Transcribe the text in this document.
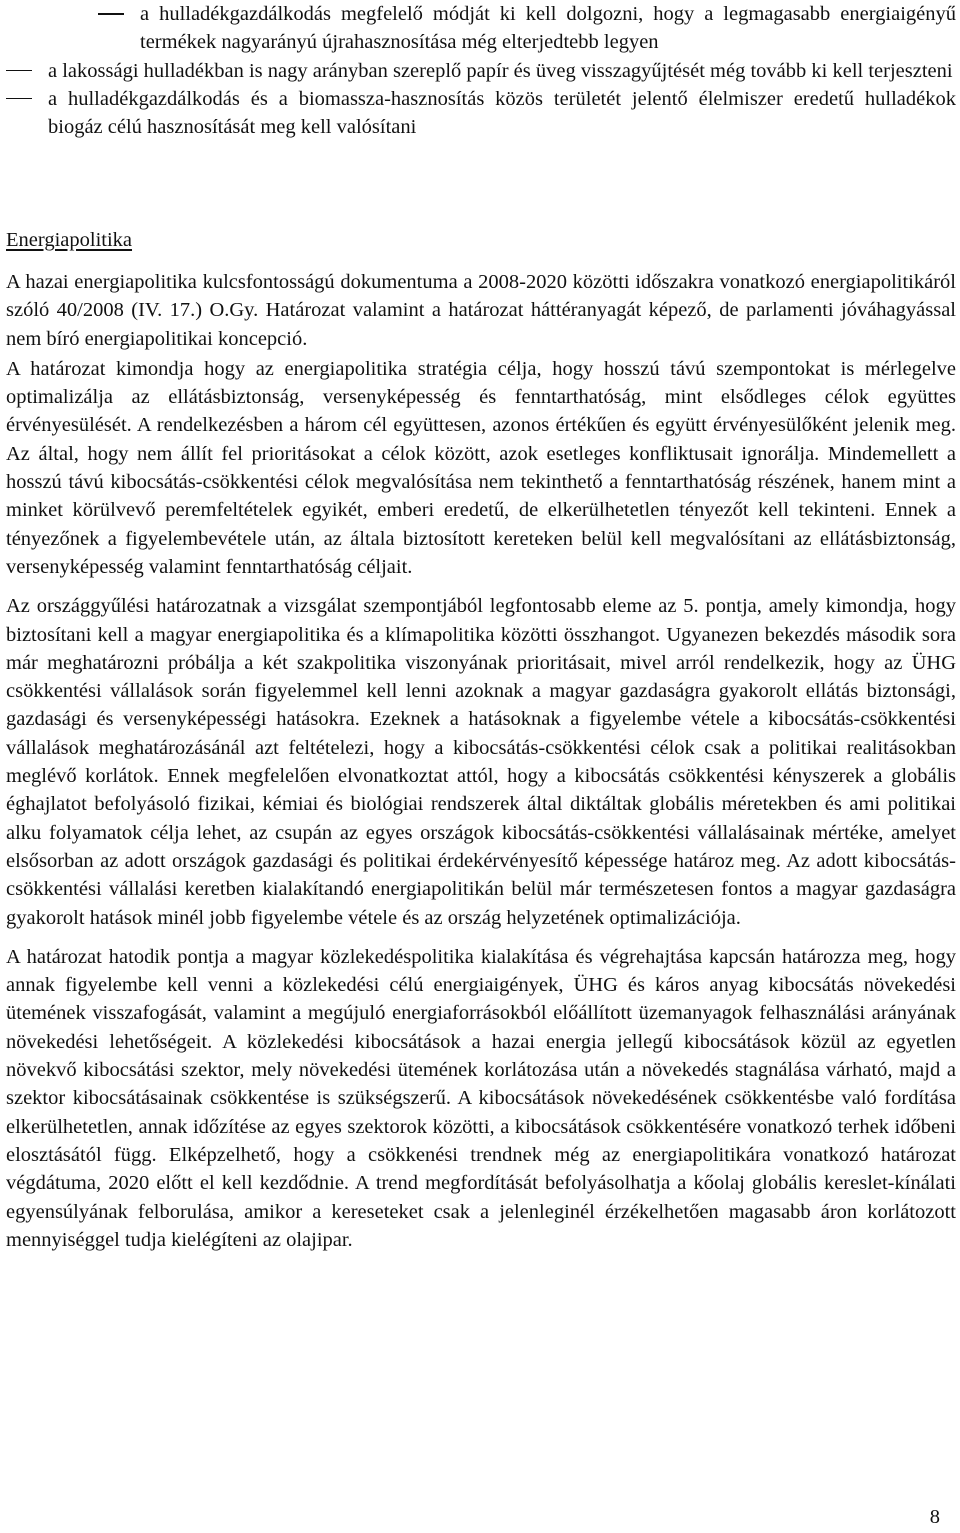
a hulladékgazdálkodás megfelelő módját ki kell dolgozni, hogy a legmagasabb energiaigényű termékek nagyarányú újrahasznosítása még elterjedtebb legyen
a lakossági hulladékban is nagy arányban szereplő papír és üveg visszagyűjtését még tovább ki kell terjeszteni
a hulladékgazdálkodás és a biomassza-hasznosítás közös területét jelentő élelmiszer eredetű hulladékok biogáz célú hasznosítását meg kell valósítani
Energiapolitika

A hazai energiapolitika kulcsfontosságú dokumentuma a 2008-2020 közötti időszakra vonatkozó energiapolitikáról szóló 40/2008 (IV. 17.) O.Gy. Határozat valamint a határozat háttéranyagát képező, de parlamenti jóváhagyással nem bíró energiapolitikai koncepció.

A határozat kimondja hogy az energiapolitika stratégia célja, hogy hosszú távú szempontokat is mérlegelve optimalizálja az ellátásbiztonság, versenyképesség és fenntarthatóság, mint elsődleges célok együttes érvényesülését. A rendelkezésben a három cél együttesen, azonos értékűen és együtt érvényesülőként jelenik meg. Az által, hogy nem állít fel prioritásokat a célok között, azok esetleges konfliktusait ignorálja. Mindemellett a hosszú távú kibocsátás-csökkentési célok megvalósítása nem tekinthető a fenntarthatóság részének, hanem mint a minket körülvevő peremfeltételek egyikét, emberi eredetű, de elkerülhetetlen tényezőt kell tekinteni. Ennek a tényezőnek a figyelembevétele után, az általa biztosított kereteken belül kell megvalósítani az ellátásbiztonság, versenyképesség valamint fenntarthatóság céljait.

Az országgyűlési határozatnak a vizsgálat szempontjából legfontosabb eleme az 5. pontja, amely kimondja, hogy biztosítani kell a magyar energiapolitika és a klímapolitika közötti összhangot. Ugyanezen bekezdés második sora már meghatározni próbálja a két szakpolitika viszonyának prioritásait, mivel arról rendelkezik, hogy az ÜHG csökkentési vállalások során figyelemmel kell lenni azoknak a magyar gazdaságra gyakorolt ellátás biztonsági, gazdasági és versenyképességi hatásokra. Ezeknek a hatásoknak a figyelembe vétele a kibocsátás-csökkentési vállalások meghatározásánál azt feltételezi, hogy a kibocsátás-csökkentési célok csak a politikai realitásokban meglévő korlátok. Ennek megfelelően elvonatkoztat attól, hogy a kibocsátás csökkentési kényszerek a globális éghajlatot befolyásoló fizikai, kémiai és biológiai rendszerek által diktáltak globális méretekben és ami politikai alku folyamatok célja lehet, az csupán az egyes országok kibocsátás-csökkentési vállalásainak mértéke, amelyet elsősorban az adott országok gazdasági és politikai érdekérvényesítő képessége határoz meg. Az adott kibocsátás-csökkentési vállalási keretben kialakítandó energiapolitikán belül már természetesen fontos a magyar gazdaságra gyakorolt hatások minél jobb figyelembe vétele és az ország helyzetének optimalizációja.

A határozat hatodik pontja a magyar közlekedéspolitika kialakítása és végrehajtása kapcsán határozza meg, hogy annak figyelembe kell venni a közlekedési célú energiaigények, ÜHG és káros anyag kibocsátás növekedési ütemének visszafogását, valamint a megújuló energiaforrásokból előállított üzemanyagok felhasználási arányának növekedési lehetőségeit. A közlekedési kibocsátások a hazai energia jellegű kibocsátások közül az egyetlen növekvő kibocsátási szektor, mely növekedési ütemének korlátozása után a növekedés stagnálása várható, majd a szektor kibocsátásainak csökkentése is szükségszerű. A kibocsátások növekedésének csökkentésbe való fordítása elkerülhetetlen, annak időzítése az egyes szektorok közötti, a kibocsátások csökkentésére vonatkozó terhek időbeni elosztásától függ. Elképzelhető, hogy a csökkenési trendnek még az energiapolitikára vonatkozó határozat végdátuma, 2020 előtt el kell kezdődnie. A trend megfordítását befolyásolhatja a kőolaj globális kereslet-kínálati egyensúlyának felborulása, amikor a kereseteket csak a jelenleginél érzékelhetően magasabb áron korlátozott mennyiséggel tudja kielégíteni az olajipar.

8
